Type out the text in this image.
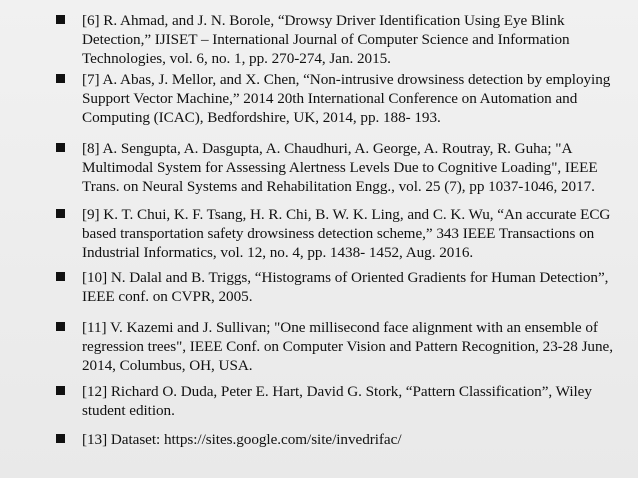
[6] R. Ahmad, and J. N. Borole, “Drowsy Driver Identification Using Eye Blink
Detection,” IJISET – International Journal of Computer Science and Information
Technologies, vol. 6, no. 1, pp. 270-274, Jan. 2015.
[7] A. Abas, J. Mellor, and X. Chen, “Non-intrusive drowsiness detection by employing
Support Vector Machine,” 2014 20th International Conference on Automation and
Computing (ICAC), Bedfordshire, UK, 2014, pp. 188- 193.
[8] A. Sengupta, A. Dasgupta, A. Chaudhuri, A. George, A. Routray, R. Guha; "A
Multimodal System for Assessing Alertness Levels Due to Cognitive Loading", IEEE
Trans. on Neural Systems and Rehabilitation Engg., vol. 25 (7), pp 1037-1046, 2017.
[9] K. T. Chui, K. F. Tsang, H. R. Chi, B. W. K. Ling, and C. K. Wu, “An accurate ECG
based transportation safety drowsiness detection scheme,” 343 IEEE Transactions on
Industrial Informatics, vol. 12, no. 4, pp. 1438- 1452, Aug. 2016.
[10] N. Dalal and B. Triggs, “Histograms of Oriented Gradients for Human Detection”,
IEEE conf. on CVPR, 2005.
[11] V. Kazemi and J. Sullivan; "One millisecond face alignment with an ensemble of
regression trees", IEEE Conf. on Computer Vision and Pattern Recognition, 23-28 June,
2014, Columbus, OH, USA.
[12] Richard O. Duda, Peter E. Hart, David G. Stork, “Pattern Classification”, Wiley
student edition.
[13] Dataset: https://sites.google.com/site/invedrifac/
